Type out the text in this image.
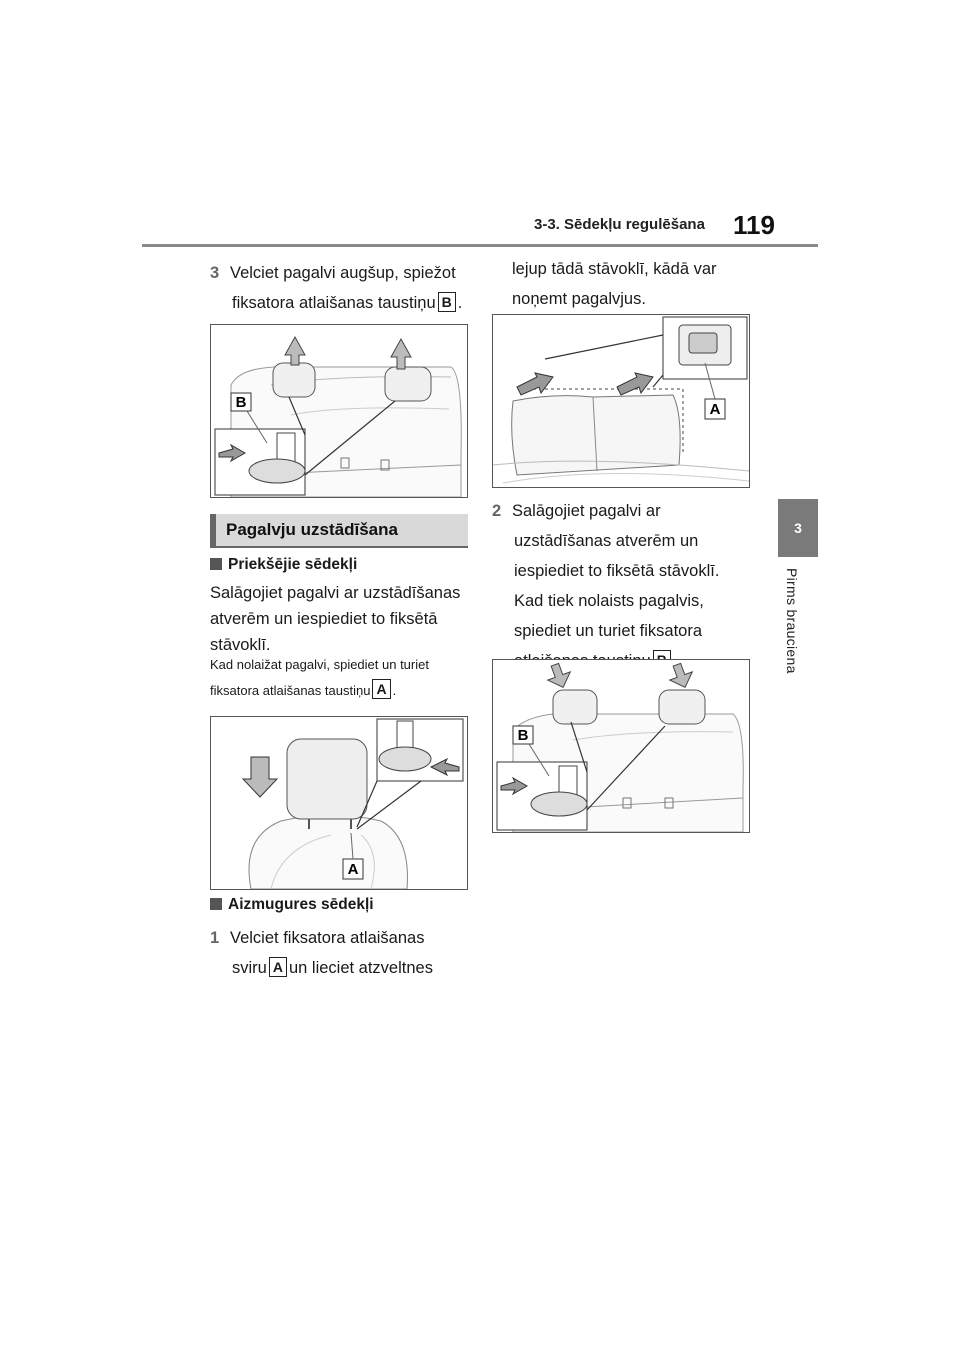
3-3. Sēdekļu regulēšana 119
3
Pirms brauciena
3 Velciet pagalvi augšup, spiežot
fiksatora atlaišanas taustiņu B .
B
Pagalvju uzstādīšana
Priekšējie sēdekļi
Salāgojiet pagalvi ar uzstādīšanas
atverēm un iespiediet to fiksētā
stāvoklī.
Kad nolaižat pagalvi, spiediet un turiet
fiksatora atlaišanas taustiņu A .
A
Aizmugures sēdekļi
1 Velciet fiksatora atlaišanas
sviru A un lieciet atzveltnes
lejup tādā stāvoklī, kādā var
noņemt pagalvjus.
A
2 Salāgojiet pagalvi ar
uzstādīšanas atverēm un
iespiediet to fiksētā stāvoklī.
Kad tiek nolaists pagalvis,
spiediet un turiet fiksatora
B
